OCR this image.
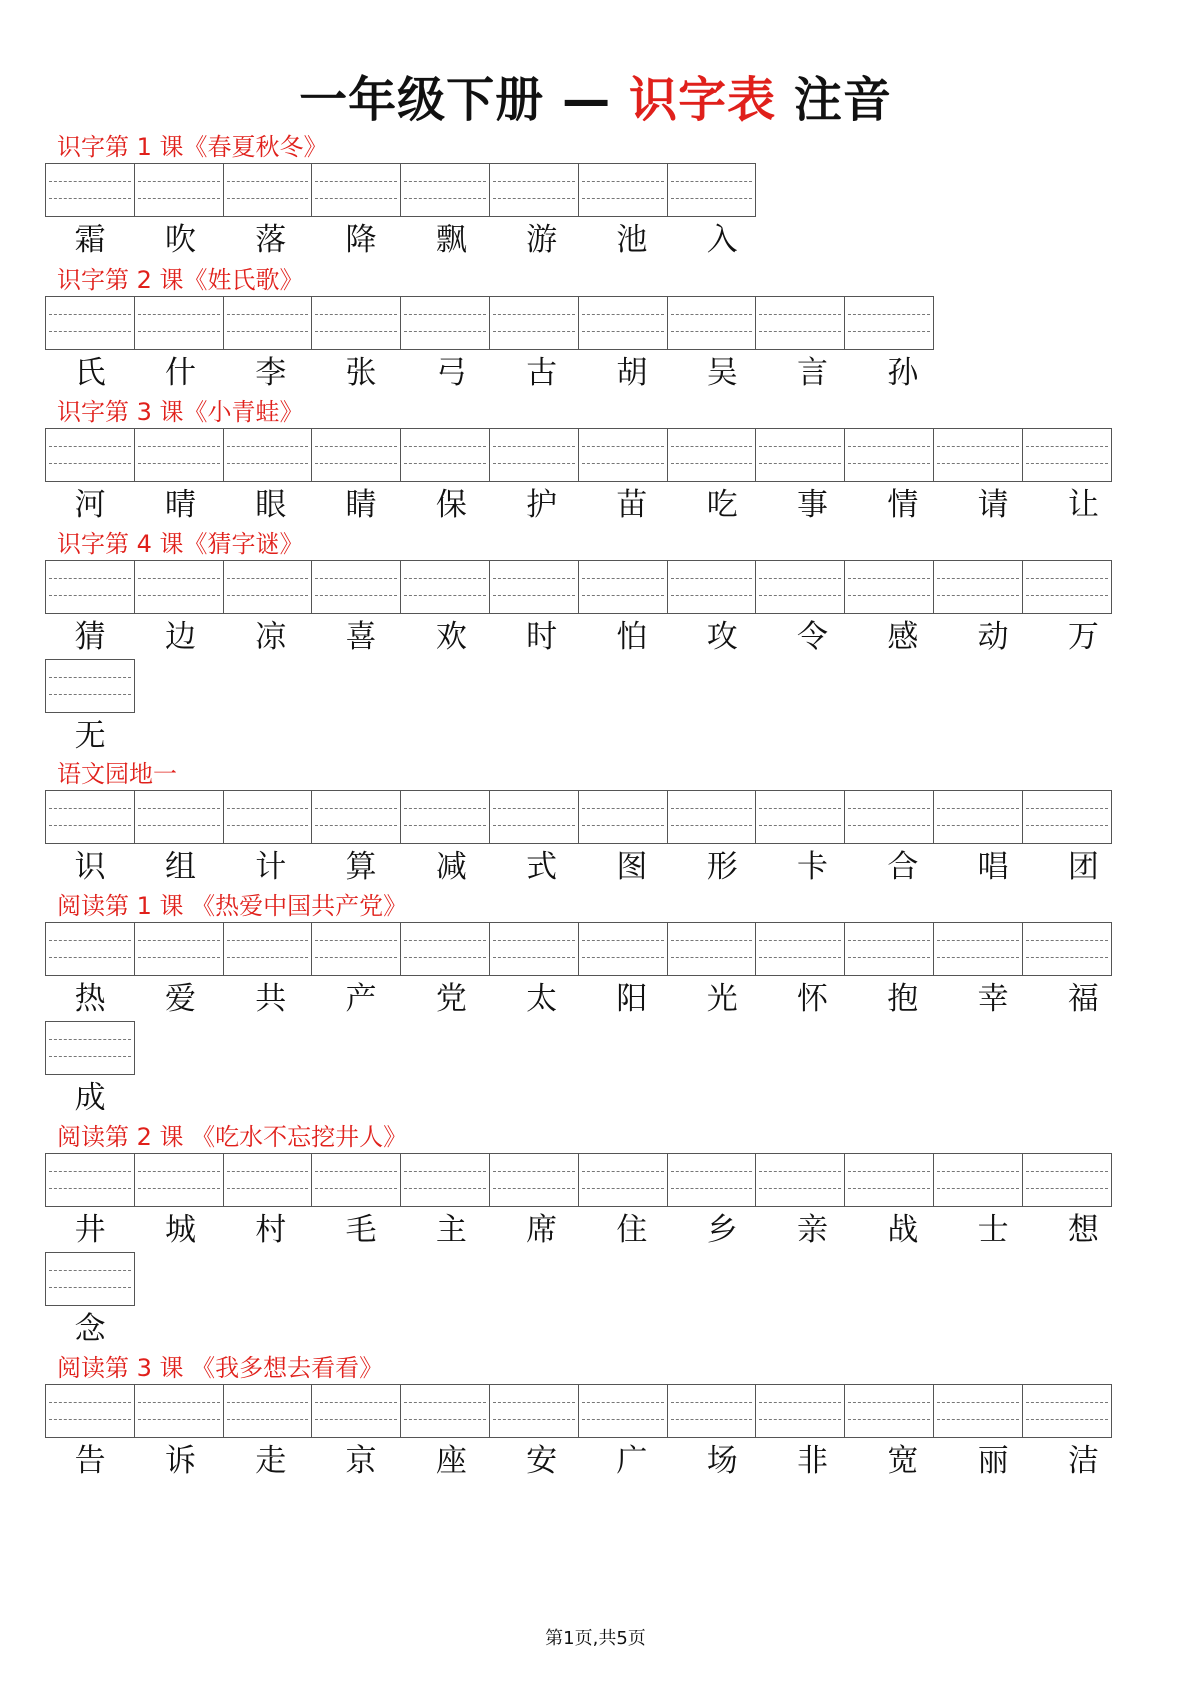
一年级下册 — 识字表 注音
识字第 1 课《春夏秋冬》
霜	吹	落	降	飘	游	池	入
识字第 2 课《姓氏歌》
氏	什	李	张	弓	古	胡	吴	言	孙
识字第 3 课《小青蛙》
河	晴	眼	睛	保	护	苗	吃	事	情	请	让
识字第 4 课《猜字谜》
猜	边	凉	喜	欢	时	怕	攻	令	感	动	万
无
语文园地一
识	组	计	算	减	式	图	形	卡	合	唱	团
阅读第 1 课 《热爱中国共产党》
热	爱	共	产	党	太	阳	光	怀	抱	幸	福
成
阅读第 2 课 《吃水不忘挖井人》
井	城	村	毛	主	席	住	乡	亲	战	士	想
念
阅读第 3 课 《我多想去看看》
告	诉	走	京	座	安	广	场	非	宽	丽	洁
第1页,共5页
